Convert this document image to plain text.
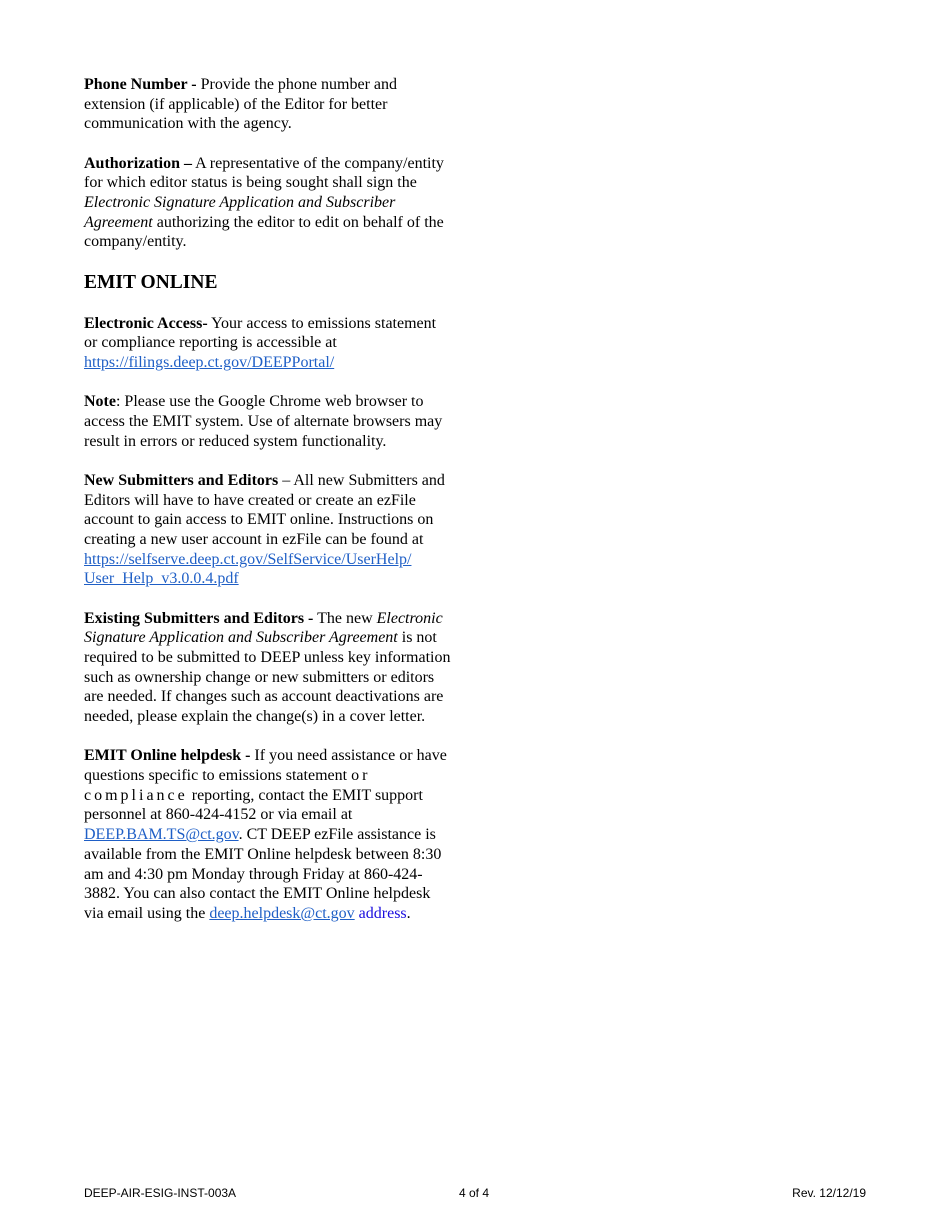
Phone Number - Provide the phone number and extension (if applicable) of the Editor for better communication with the agency.

Authorization – A representative of the company/entity for which editor status is being sought shall sign the Electronic Signature Application and Subscriber Agreement authorizing the editor to edit on behalf of the company/entity.

EMIT ONLINE

Electronic Access- Your access to emissions statement or compliance reporting is accessible at https://filings.deep.ct.gov/DEEPPortal/

Note: Please use the Google Chrome web browser to access the EMIT system. Use of alternate browsers may result in errors or reduced system functionality.

New Submitters and Editors – All new Submitters and Editors will have to have created or create an ezFile account to gain access to EMIT online. Instructions on creating a new user account in ezFile can be found at
https://selfserve.deep.ct.gov/SelfService/UserHelp/
User_Help_v3.0.0.4.pdf

Existing Submitters and Editors - The new Electronic Signature Application and Subscriber Agreement is not required to be submitted to DEEP unless key information such as ownership change or new submitters or editors are needed. If changes such as account deactivations are needed, please explain the change(s) in a cover letter.

EMIT Online helpdesk - If you need assistance or have questions specific to emissions statement or
compliance reporting, contact the EMIT support personnel at 860-424-4152 or via email at DEEP.BAM.TS@ct.gov. CT DEEP ezFile assistance is available from the EMIT Online helpdesk between 8:30 am and 4:30 pm Monday through Friday at 860-424-3882. You can also contact the EMIT Online helpdesk via email using the deep.helpdesk@ct.gov address.

DEEP-AIR-ESIG-INST-003A	4 of 4	Rev. 12/12/19
